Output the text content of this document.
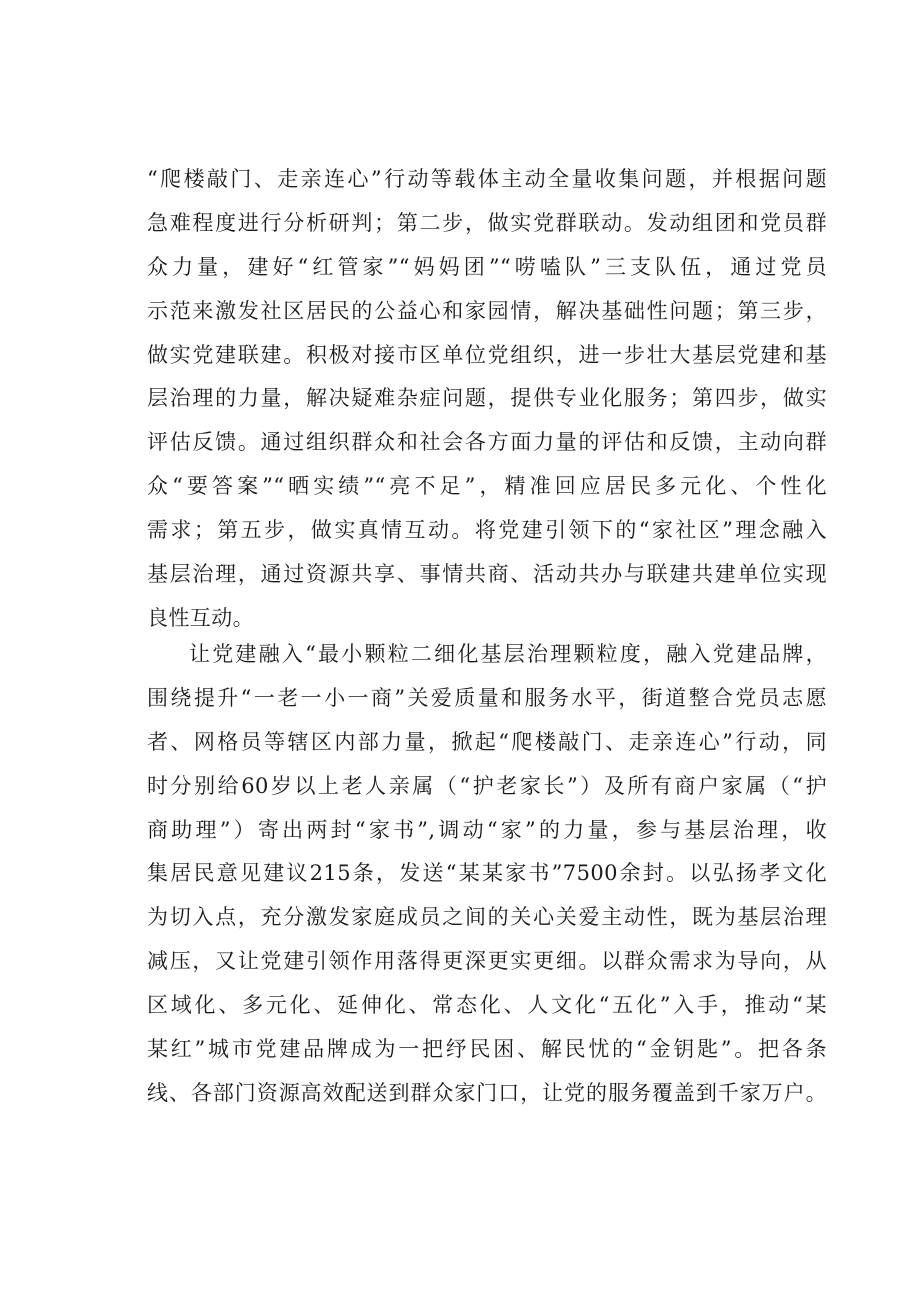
“爬楼敲门、走亲连心”行动等载体主动全量收集问题，并根据问题
急难程度进行分析研判；第二步，做实党群联动。发动组团和党员群
众力量，建好“红管家”“妈妈团”“唠嗑队”三支队伍，通过党员
示范来激发社区居民的公益心和家园情，解决基础性问题；第三步，
做实党建联建。积极对接市区单位党组织，进一步壮大基层党建和基
层治理的力量，解决疑难杂症问题，提供专业化服务；第四步，做实
评估反馈。通过组织群众和社会各方面力量的评估和反馈，主动向群
众“要答案”“晒实绩”“亮不足”，精准回应居民多元化、个性化
需求；第五步，做实真情互动。将党建引领下的“家社区”理念融入
基层治理，通过资源共享、事情共商、活动共办与联建共建单位实现
良性互动。
让党建融入“最小颗粒二细化基层治理颗粒度，融入党建品牌，
围绕提升“一老一小一商”关爱质量和服务水平，街道整合党员志愿
者、网格员等辖区内部力量，掀起“爬楼敲门、走亲连心”行动，同
时分别给60岁以上老人亲属（“护老家长”）及所有商户家属（“护
商助理”）寄出两封“家书”,调动“家”的力量，参与基层治理，收
集居民意见建议215条，发送“某某家书”7500余封。以弘扬孝文化
为切入点，充分激发家庭成员之间的关心关爱主动性，既为基层治理
减压，又让党建引领作用落得更深更实更细。以群众需求为导向，从
区域化、多元化、延伸化、常态化、人文化“五化”入手，推动“某
某红”城市党建品牌成为一把纾民困、解民忧的“金钥匙”。把各条
线、各部门资源高效配送到群众家门口，让党的服务覆盖到千家万户。
